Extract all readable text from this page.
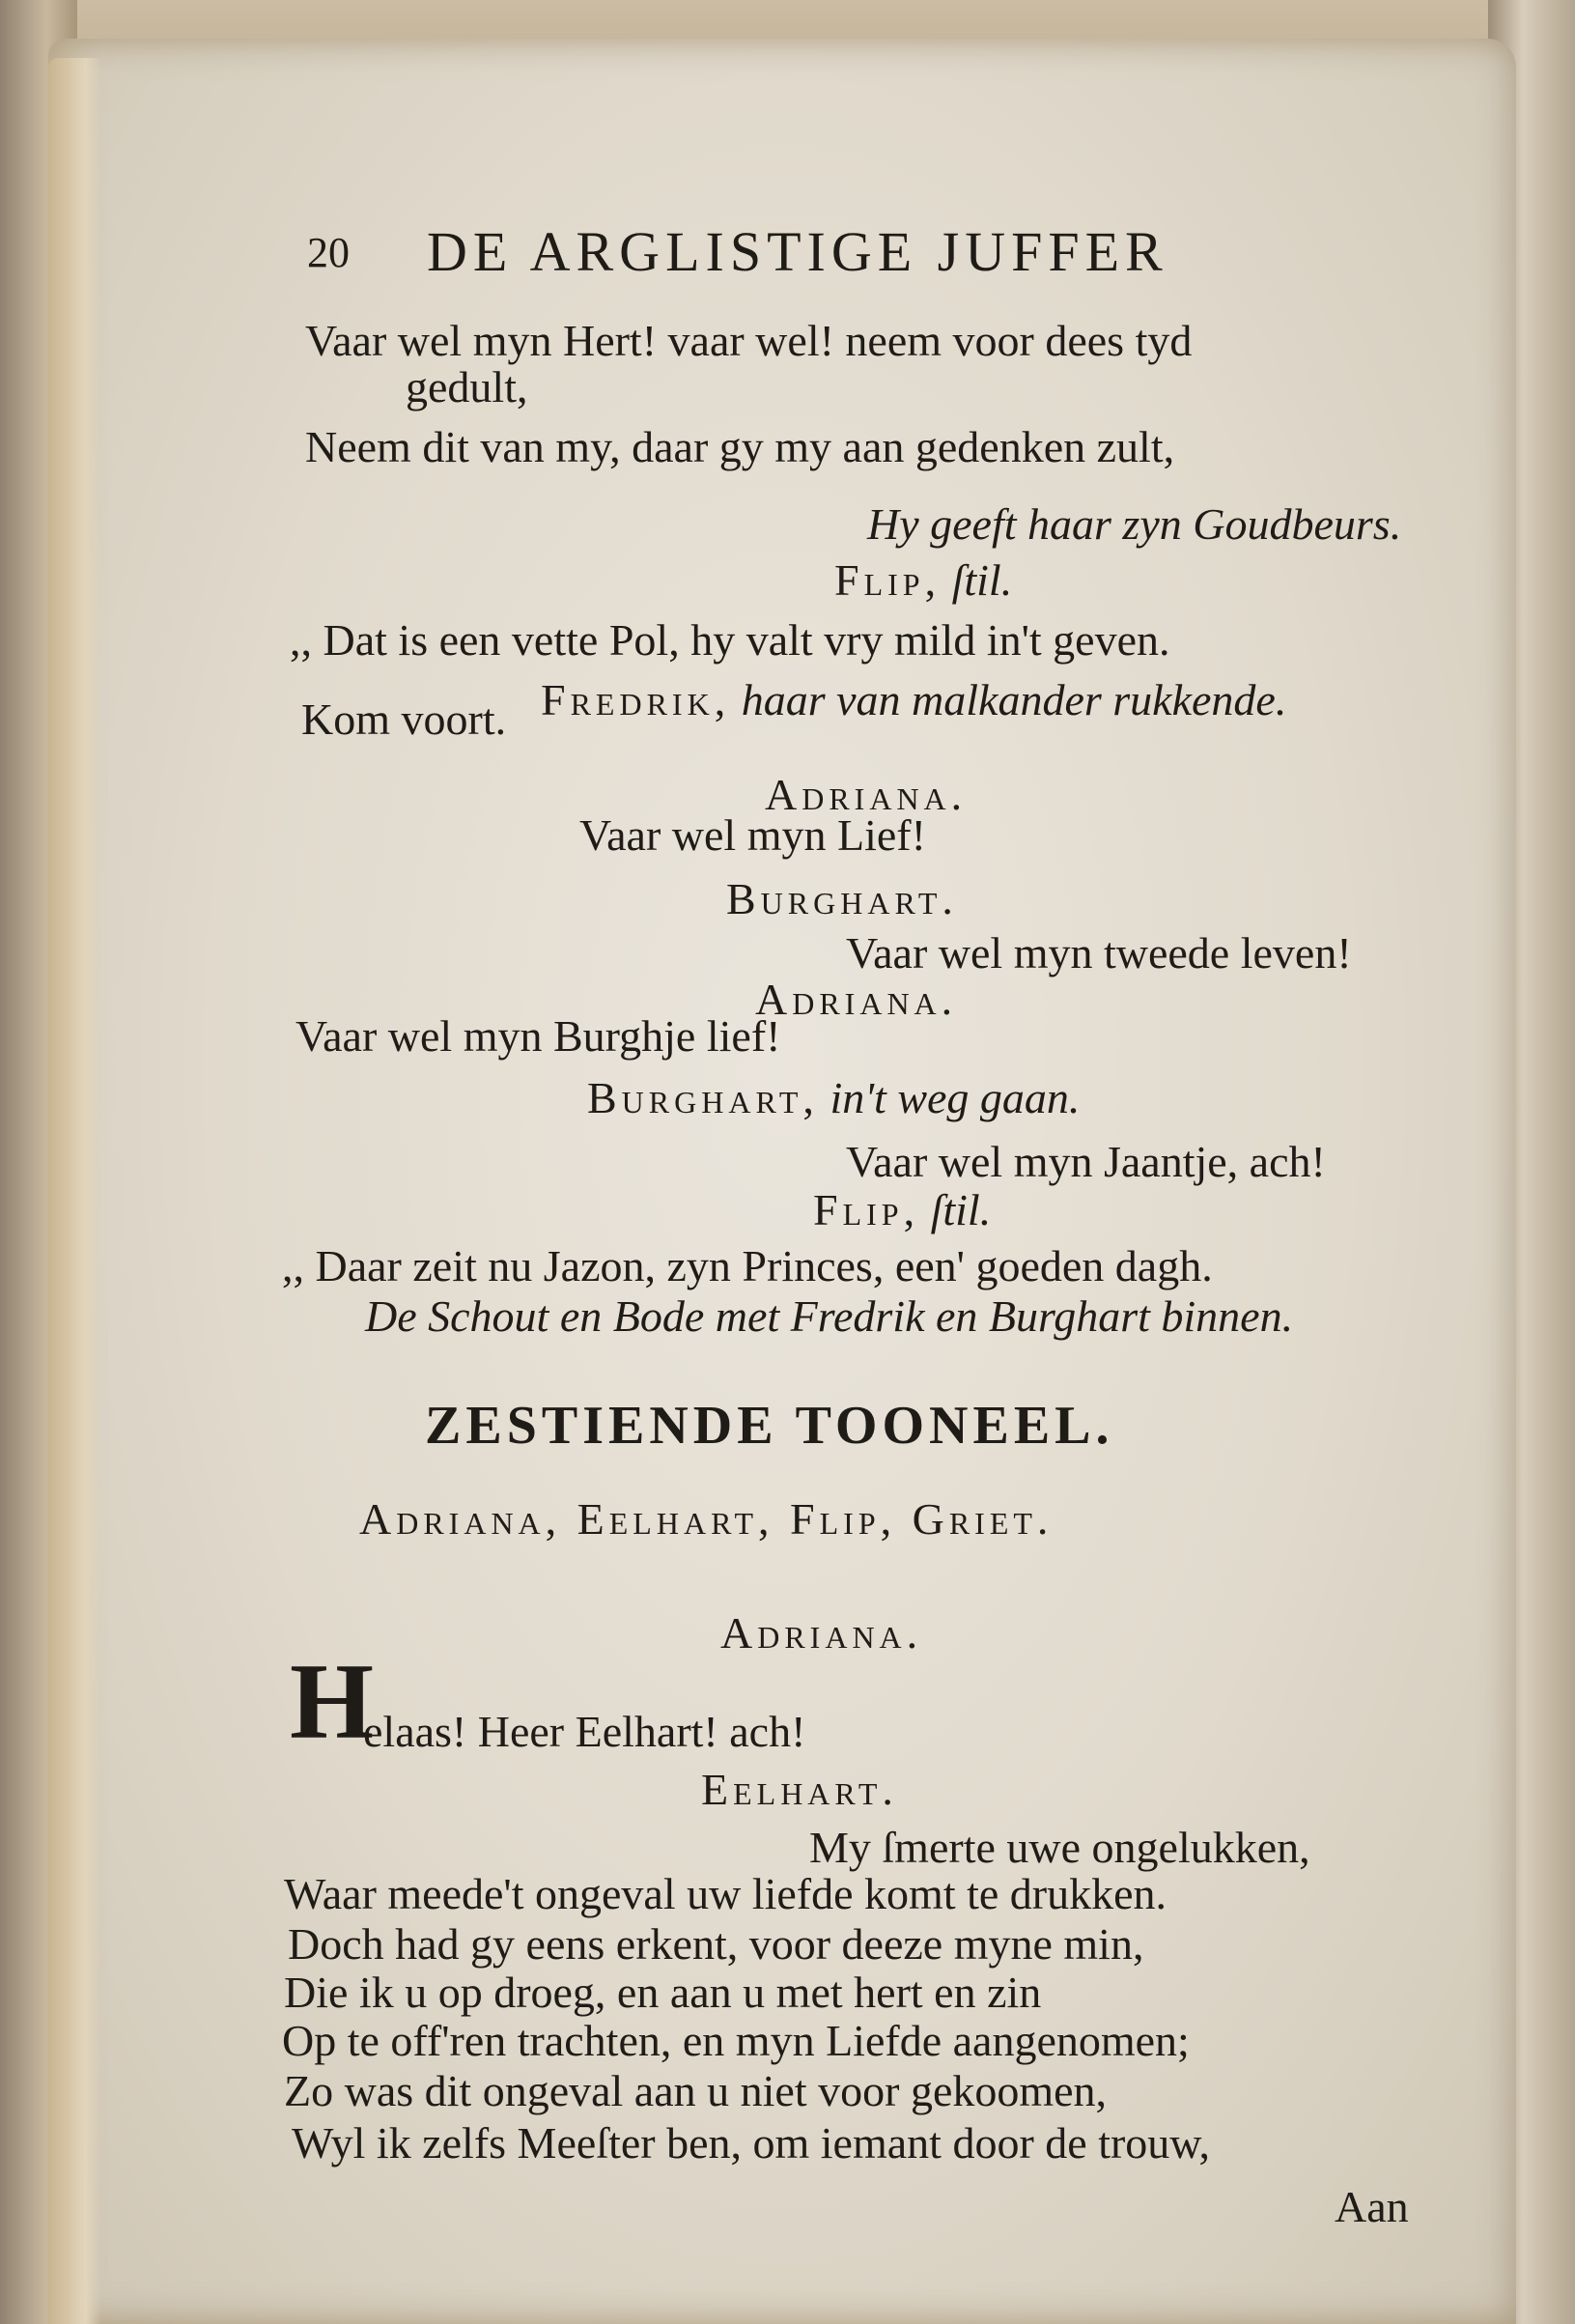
20 DE ARGLISTIGE JUFFER
Vaar wel myn Hert! vaar wel! neem voor dees tyd
gedult,
Neem dit van my, daar gy my aan gedenken zult,
Hy geeft haar zyn Goudbeurs.
Flip, ſtil.
,, Dat is een vette Pol, hy valt vry mild in't geven.
Fredrik, haar van malkander rukkende.
Kom voort.
Adriana.
Vaar wel myn Lief!
Burghart.
Vaar wel myn tweede leven!
Adriana.
Vaar wel myn Burghje lief!
Burghart, in't weg gaan.
Vaar wel myn Jaantje, ach!
Flip, ſtil.
,, Daar zeit nu Jazon, zyn Princes, een' goeden dagh.
De Schout en Bode met Fredrik en Burghart binnen.
ZESTIENDE TOONEEL.
Adriana, Eelhart, Flip, Griet.
Adriana.
H
elaas! Heer Eelhart! ach!
Eelhart.
My ſmerte uwe ongelukken,
Waar meede't ongeval uw liefde komt te drukken.
Doch had gy eens erkent, voor deeze myne min,
Die ik u op droeg, en aan u met hert en zin
Op te off'ren trachten, en myn Liefde aangenomen;
Zo was dit ongeval aan u niet voor gekoomen,
Wyl ik zelfs Meeſter ben, om iemant door de trouw,
Aan
